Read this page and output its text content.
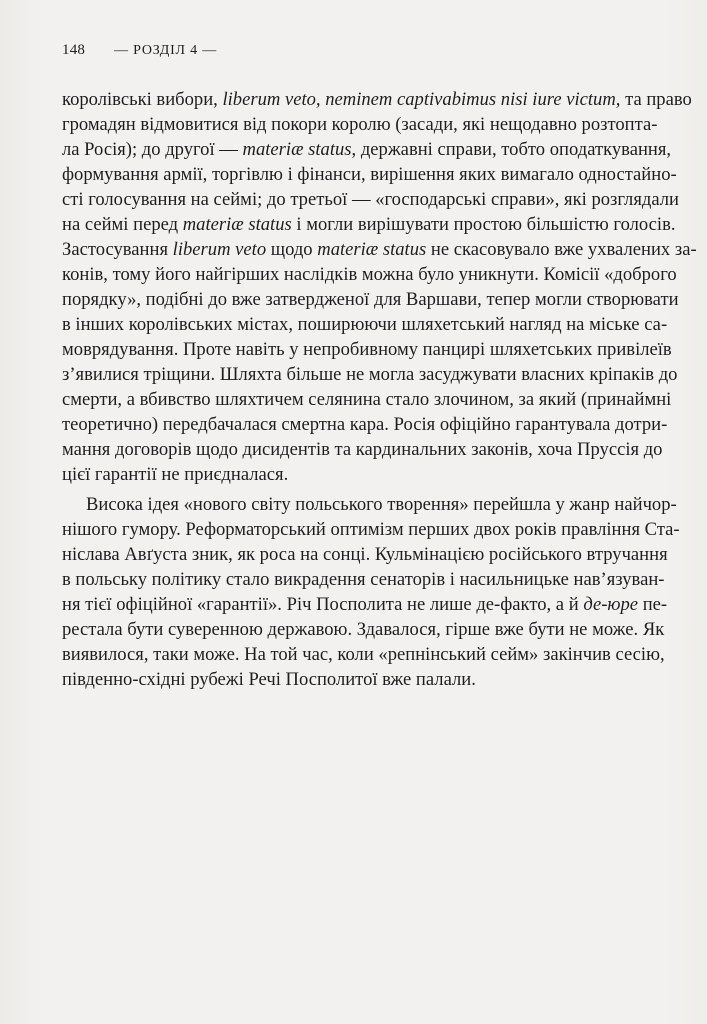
148 — РОЗДІЛ 4 —
королівські вибори, liberum veto, neminem captivabimus nisi iure victum, та право
громадян відмовитися від покори королю (засади, які нещодавно розтопта-
ла Росія); до другої — materiæ status, державні справи, тобто оподаткування,
формування армії, торгівлю і фінанси, вирішення яких вимагало одностайно-
сті голосування на сеймі; до третьої — «господарські справи», які розглядали
на сеймі перед materiæ status і могли вирішувати простою більшістю голосів.
Застосування liberum veto щодо materiæ status не скасовувало вже ухвалених за-
конів, тому його найгірших наслідків можна було уникнути. Комісії «доброго
порядку», подібні до вже затвердженої для Варшави, тепер могли створювати
в інших королівських містах, поширюючи шляхетський нагляд на міське са-
моврядування. Проте навіть у непробивному панцирі шляхетських привілеїв
з’явилися тріщини. Шляхта більше не могла засуджувати власних кріпаків до
смерти, а вбивство шляхтичем селянина стало злочином, за який (принаймні
теоретично) передбачалася смертна кара. Росія офіційно гарантувала дотри-
мання договорів щодо дисидентів та кардинальних законів, хоча Пруссія до
цієї гарантії не приєдналася.
Висока ідея «нового світу польського творення» перейшла у жанр найчор-
нішого гумору. Реформаторський оптимізм перших двох років правління Ста-
ніслава Авґуста зник, як роса на сонці. Кульмінацією російського втручання
в польську політику стало викрадення сенаторів і насильницьке нав’язуван-
ня тієї офіційної «гарантії». Річ Посполита не лише де-факто, а й де-юре пе-
рестала бути суверенною державою. Здавалося, гірше вже бути не може. Як
виявилося, таки може. На той час, коли «репнінський сейм» закінчив сесію,
південно-східні рубежі Речі Посполитої вже палали.
